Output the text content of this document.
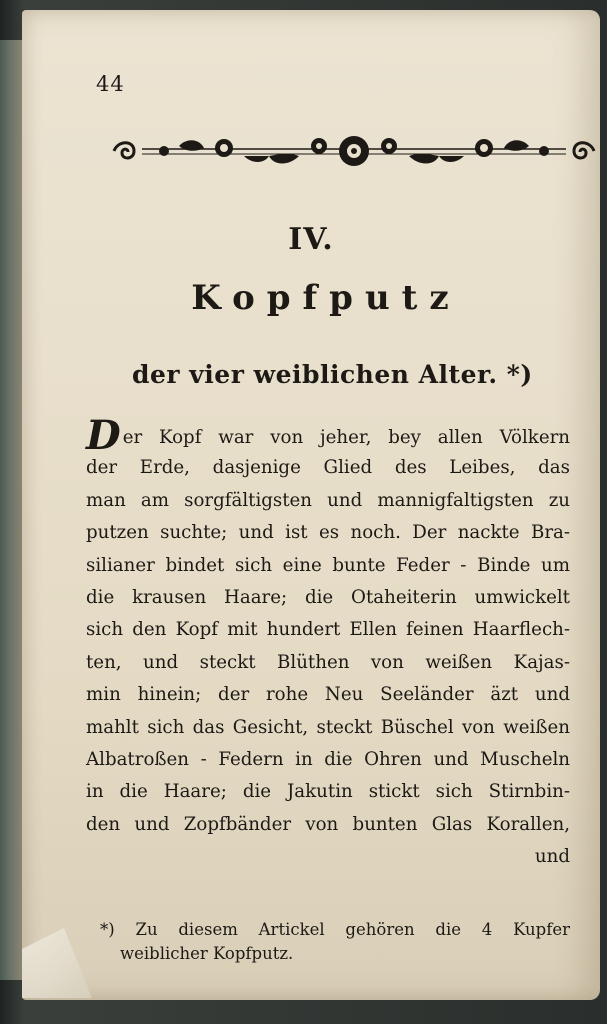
44
IV.
Kopfputz
der vier weiblichen Alter. *)
Der Kopf war von jeher, bey allen Völkern
der Erde, dasjenige Glied des Leibes, das
man am sorgfältigsten und mannigfaltigsten zu
putzen suchte; und ist es noch. Der nackte Bra-
silianer bindet sich eine bunte Feder - Binde um
die krausen Haare; die Otaheiterin umwickelt
sich den Kopf mit hundert Ellen feinen Haarflech-
ten, und steckt Blüthen von weißen Kajas-
min hinein; der rohe Neu Seeländer äzt und
mahlt sich das Gesicht, steckt Büschel von weißen
Albatroßen - Federn in die Ohren und Muscheln
in die Haare; die Jakutin stickt sich Stirnbin-
den und Zopfbänder von bunten Glas Korallen,
und
*) Zu diesem Artickel gehören die 4 Kupfer
weiblicher Kopfputz.
